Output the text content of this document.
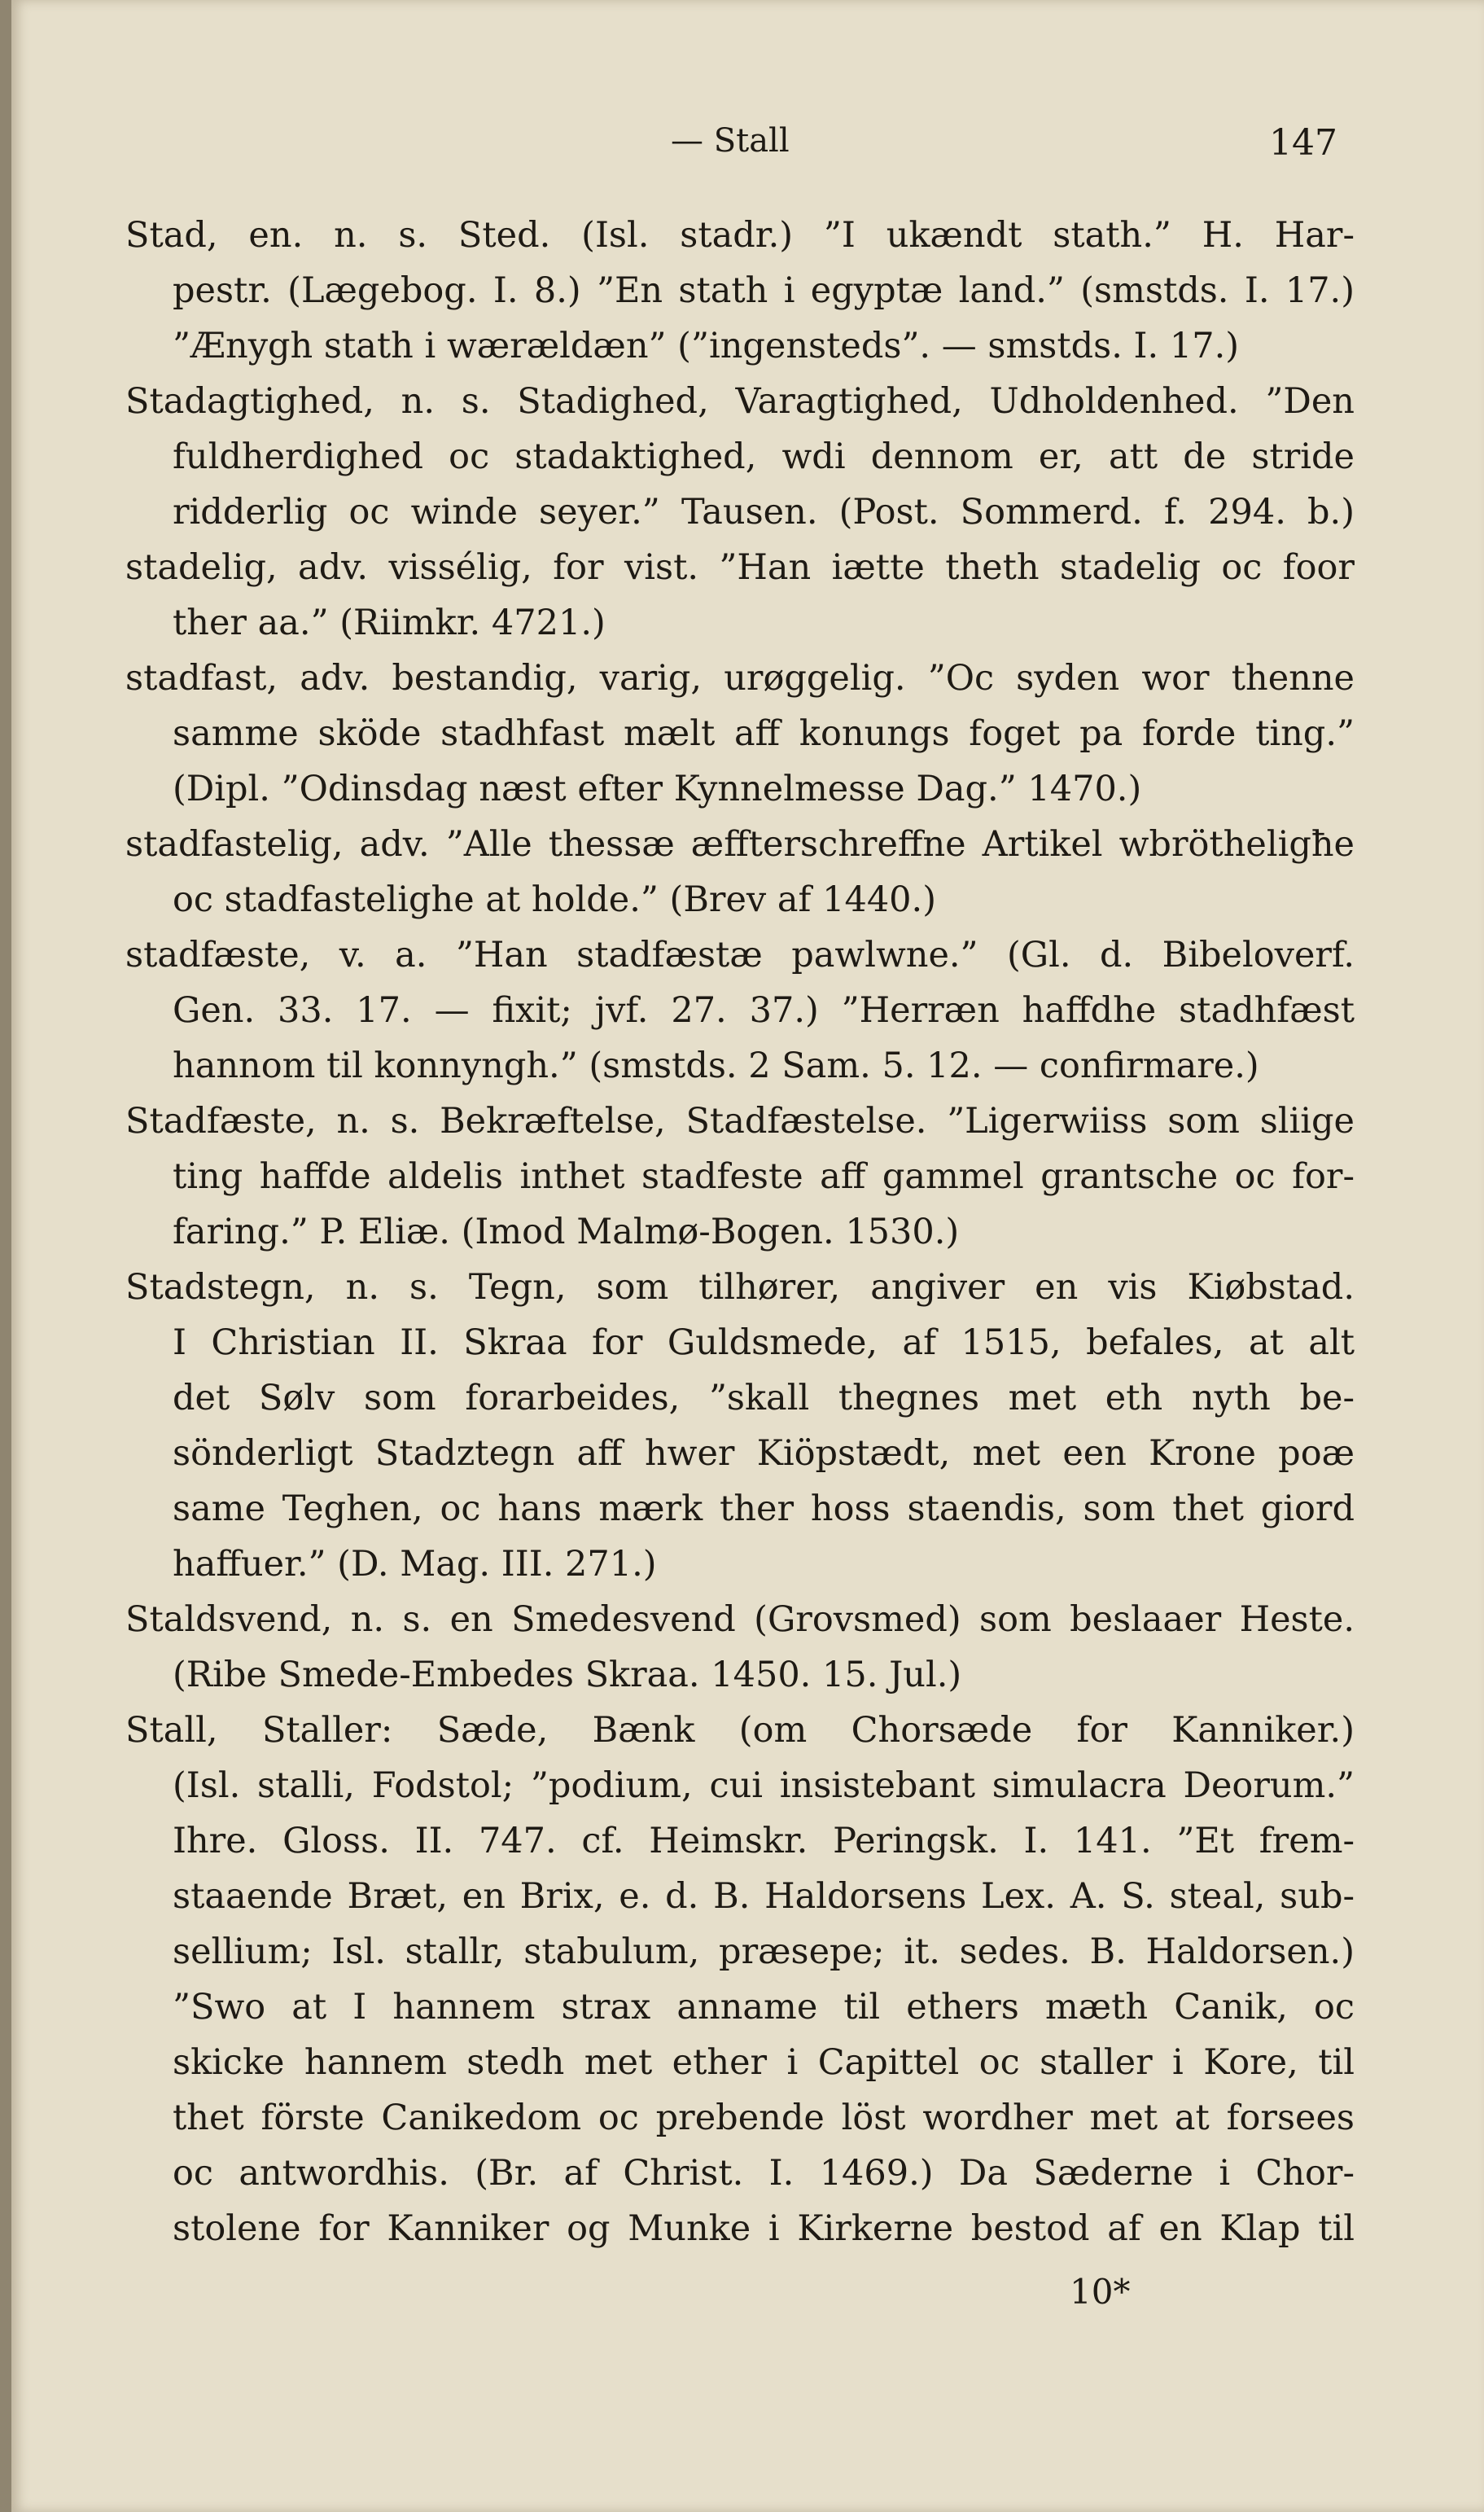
— Stall	147
Stad, en. n. s. Sted. (Isl. stadr.) ”I ukændt stath.” H. Har-
pestr. (Lægebog. I. 8.) ”En stath i egyptæ land.” (smstds. I. 17.)
”Ænygh stath i wærældæn” (”ingensteds”. — smstds. I. 17.)
Stadagtighed, n. s. Stadighed, Varagtighed, Udholdenhed. ”Den
fuldherdighed oc stadaktighed, wdi dennom er, att de stride
ridderlig oc winde seyer.” Tausen. (Post. Sommerd. f. 294. b.)
stadelig, adv. vissélig, for vist. ”Han iætte theth stadelig oc foor
ther aa.” (Riimkr. 4721.)
stadfast, adv. bestandig, varig, urøggelig. ”Oc syden wor thenne
samme sköde stadhfast mælt aff konungs foget pa forde ting.”
(Dipl. ”Odinsdag næst efter Kynnelmesse Dag.” 1470.)
stadfastelig, adv. ”Alle thessæ æffterschreffne Artikel wbrötheligħe
oc stadfastelighe at holde.” (Brev af 1440.)
stadfæste, v. a. ”Han stadfæstæ pawlwne.” (Gl. d. Bibeloverf.
Gen. 33. 17. — fixit; jvf. 27. 37.) ”Herræn haffdhe stadhfæst
hannom til konnyngh.” (smstds. 2 Sam. 5. 12. — confirmare.)
Stadfæste, n. s. Bekræftelse, Stadfæstelse. ”Ligerwiiss som sliige
ting haffde aldelis inthet stadfeste aff gammel grantsche oc for-
faring.” P. Eliæ. (Imod Malmø-Bogen. 1530.)
Stadstegn, n. s. Tegn, som tilhører, angiver en vis Kiøbstad.
I Christian II. Skraa for Guldsmede, af 1515, befales, at alt
det Sølv som forarbeides, ”skall thegnes met eth nyth be-
sönderligt Stadztegn aff hwer Kiöpstædt, met een Krone poæ
same Teghen, oc hans mærk ther hoss staendis, som thet giord
haffuer.” (D. Mag. III. 271.)
Staldsvend, n. s. en Smedesvend (Grovsmed) som beslaaer Heste.
(Ribe Smede-Embedes Skraa. 1450. 15. Jul.)
Stall, Staller: Sæde, Bænk (om Chorsæde for Kanniker.)
(Isl. stalli, Fodstol; ”podium, cui insistebant simulacra Deorum.”
Ihre. Gloss. II. 747. cf. Heimskr. Peringsk. I. 141. ”Et frem-
staaende Bræt, en Brix, e. d. B. Haldorsens Lex. A. S. steal, sub-
sellium; Isl. stallr, stabulum, præsepe; it. sedes. B. Haldorsen.)
”Swo at I hannem strax anname til ethers mæth Canik, oc
skicke hannem stedh met ether i Capittel oc staller i Kore, til
thet förste Canikedom oc prebende löst wordher met at forsees
oc antwordhis. (Br. af Christ. I. 1469.) Da Sæderne i Chor-
stolene for Kanniker og Munke i Kirkerne bestod af en Klap til
10*
